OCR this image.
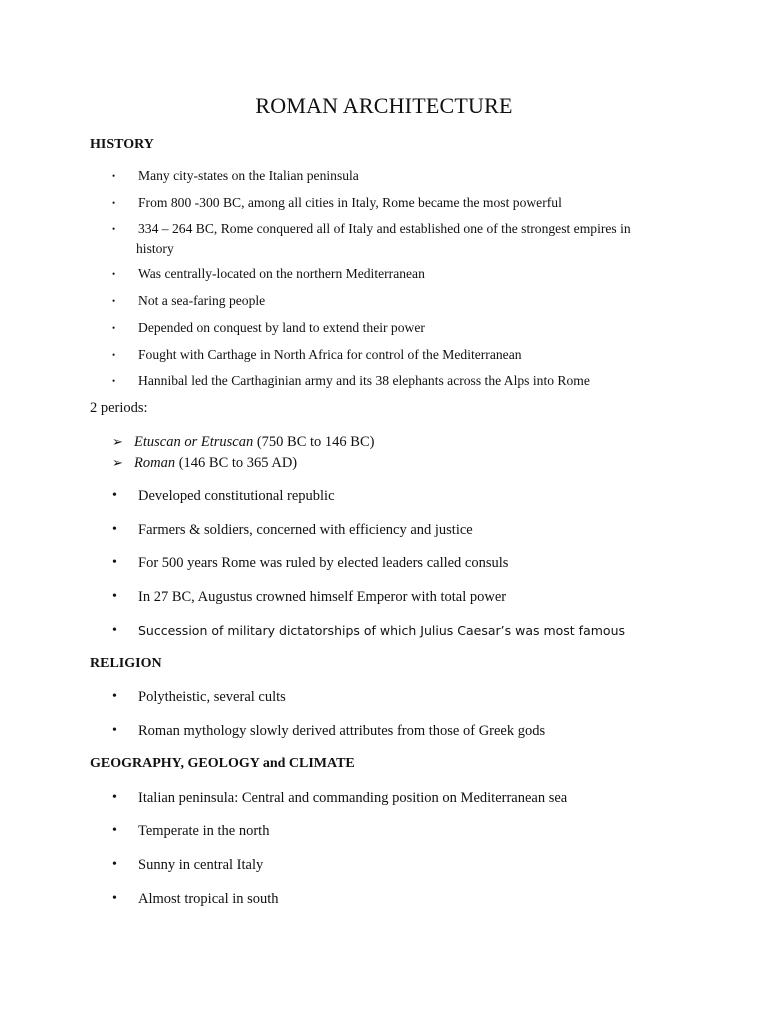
ROMAN ARCHITECTURE
HISTORY
•	Many city-states on the Italian peninsula
•	From 800 -300 BC, among all cities in Italy, Rome became the most powerful
•	334 – 264 BC, Rome conquered all of Italy and established one of the strongest empires in history
•	Was centrally-located on the northern Mediterranean
•	Not a sea-faring people
•	Depended on conquest by land to extend their power
•	Fought with Carthage in North Africa for control of the Mediterranean
•	Hannibal led the Carthaginian army and its 38 elephants across the Alps into Rome
2 periods:
➢ Etuscan or Etruscan (750 BC to 146 BC)
➢ Roman (146 BC to 365 AD)
•	Developed constitutional republic
•	Farmers & soldiers, concerned with efficiency and justice
•	For 500 years Rome was ruled by elected leaders called consuls
•	In 27 BC, Augustus crowned himself Emperor with total power
•	Succession of military dictatorships of which Julius Caesar’s was most famous
RELIGION
•	Polytheistic, several cults
•	Roman mythology slowly derived attributes from those of Greek gods
GEOGRAPHY, GEOLOGY and CLIMATE
•	Italian peninsula: Central and commanding position on Mediterranean sea
•	Temperate in the north
•	Sunny in central Italy
•	Almost tropical in south
